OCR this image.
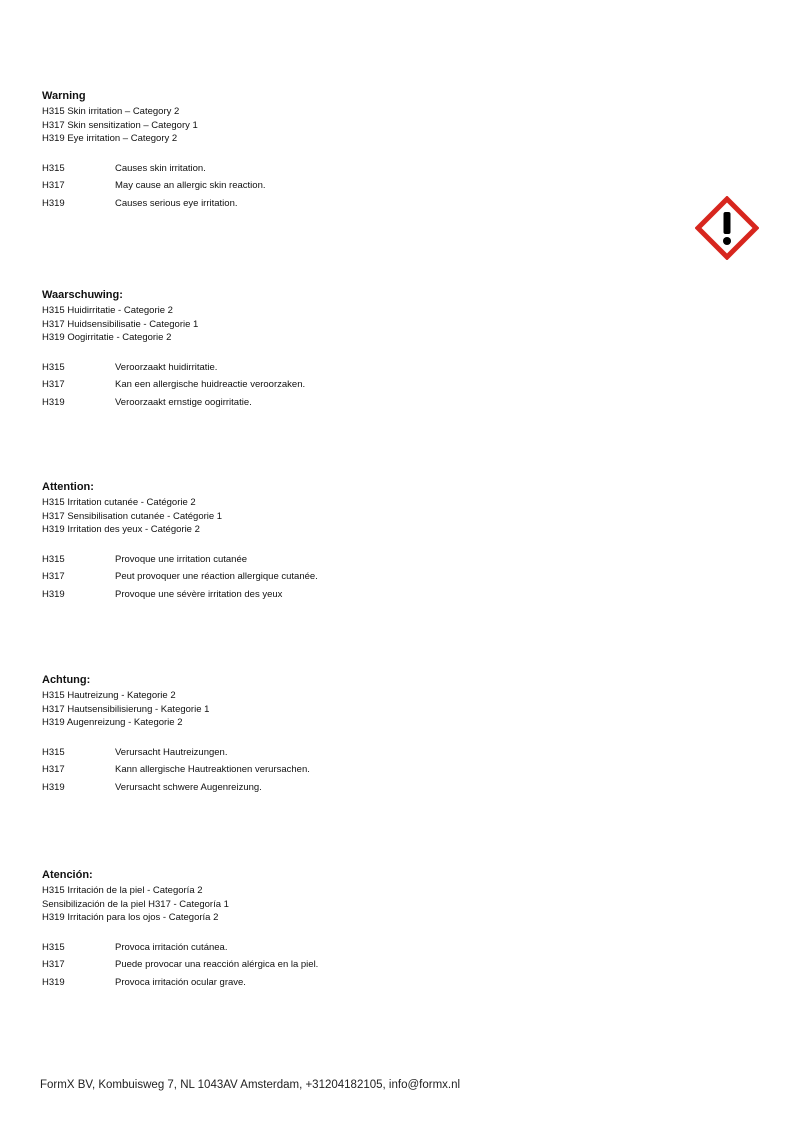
Warning
H315 Skin irritation – Category 2
H317 Skin sensitization – Category 1
H319 Eye irritation – Category 2
H315	Causes skin irritation.
H317	May cause an allergic skin reaction.
H319	Causes serious eye irritation.
Waarschuwing:
H315 Huidirritatie - Categorie 2
H317 Huidsensibilisatie - Categorie 1
H319 Oogirritatie - Categorie 2
H315	Veroorzaakt huidirritatie.
H317	Kan een allergische huidreactie veroorzaken.
H319	Veroorzaakt ernstige oogirritatie.
Attention:
H315 Irritation cutanée - Catégorie 2
H317 Sensibilisation cutanée - Catégorie 1
H319 Irritation des yeux - Catégorie 2
H315	Provoque une irritation cutanée
H317	Peut provoquer une réaction allergique cutanée.
H319	Provoque une sévère irritation des yeux
Achtung:
H315 Hautreizung - Kategorie 2
H317 Hautsensibilisierung - Kategorie 1
H319 Augenreizung - Kategorie 2
H315	Verursacht Hautreizungen.
H317	Kann allergische Hautreaktionen verursachen.
H319	Verursacht schwere Augenreizung.
Atención:
H315 Irritación de la piel - Categoría 2
Sensibilización de la piel H317 - Categoría 1
H319 Irritación para los ojos - Categoría 2
H315	Provoca irritación cutánea.
H317	Puede provocar una reacción alérgica en la piel.
H319	Provoca irritación ocular grave.
FormX BV, Kombuisweg 7, NL 1043AV Amsterdam, +31204182105, info@formx.nl
